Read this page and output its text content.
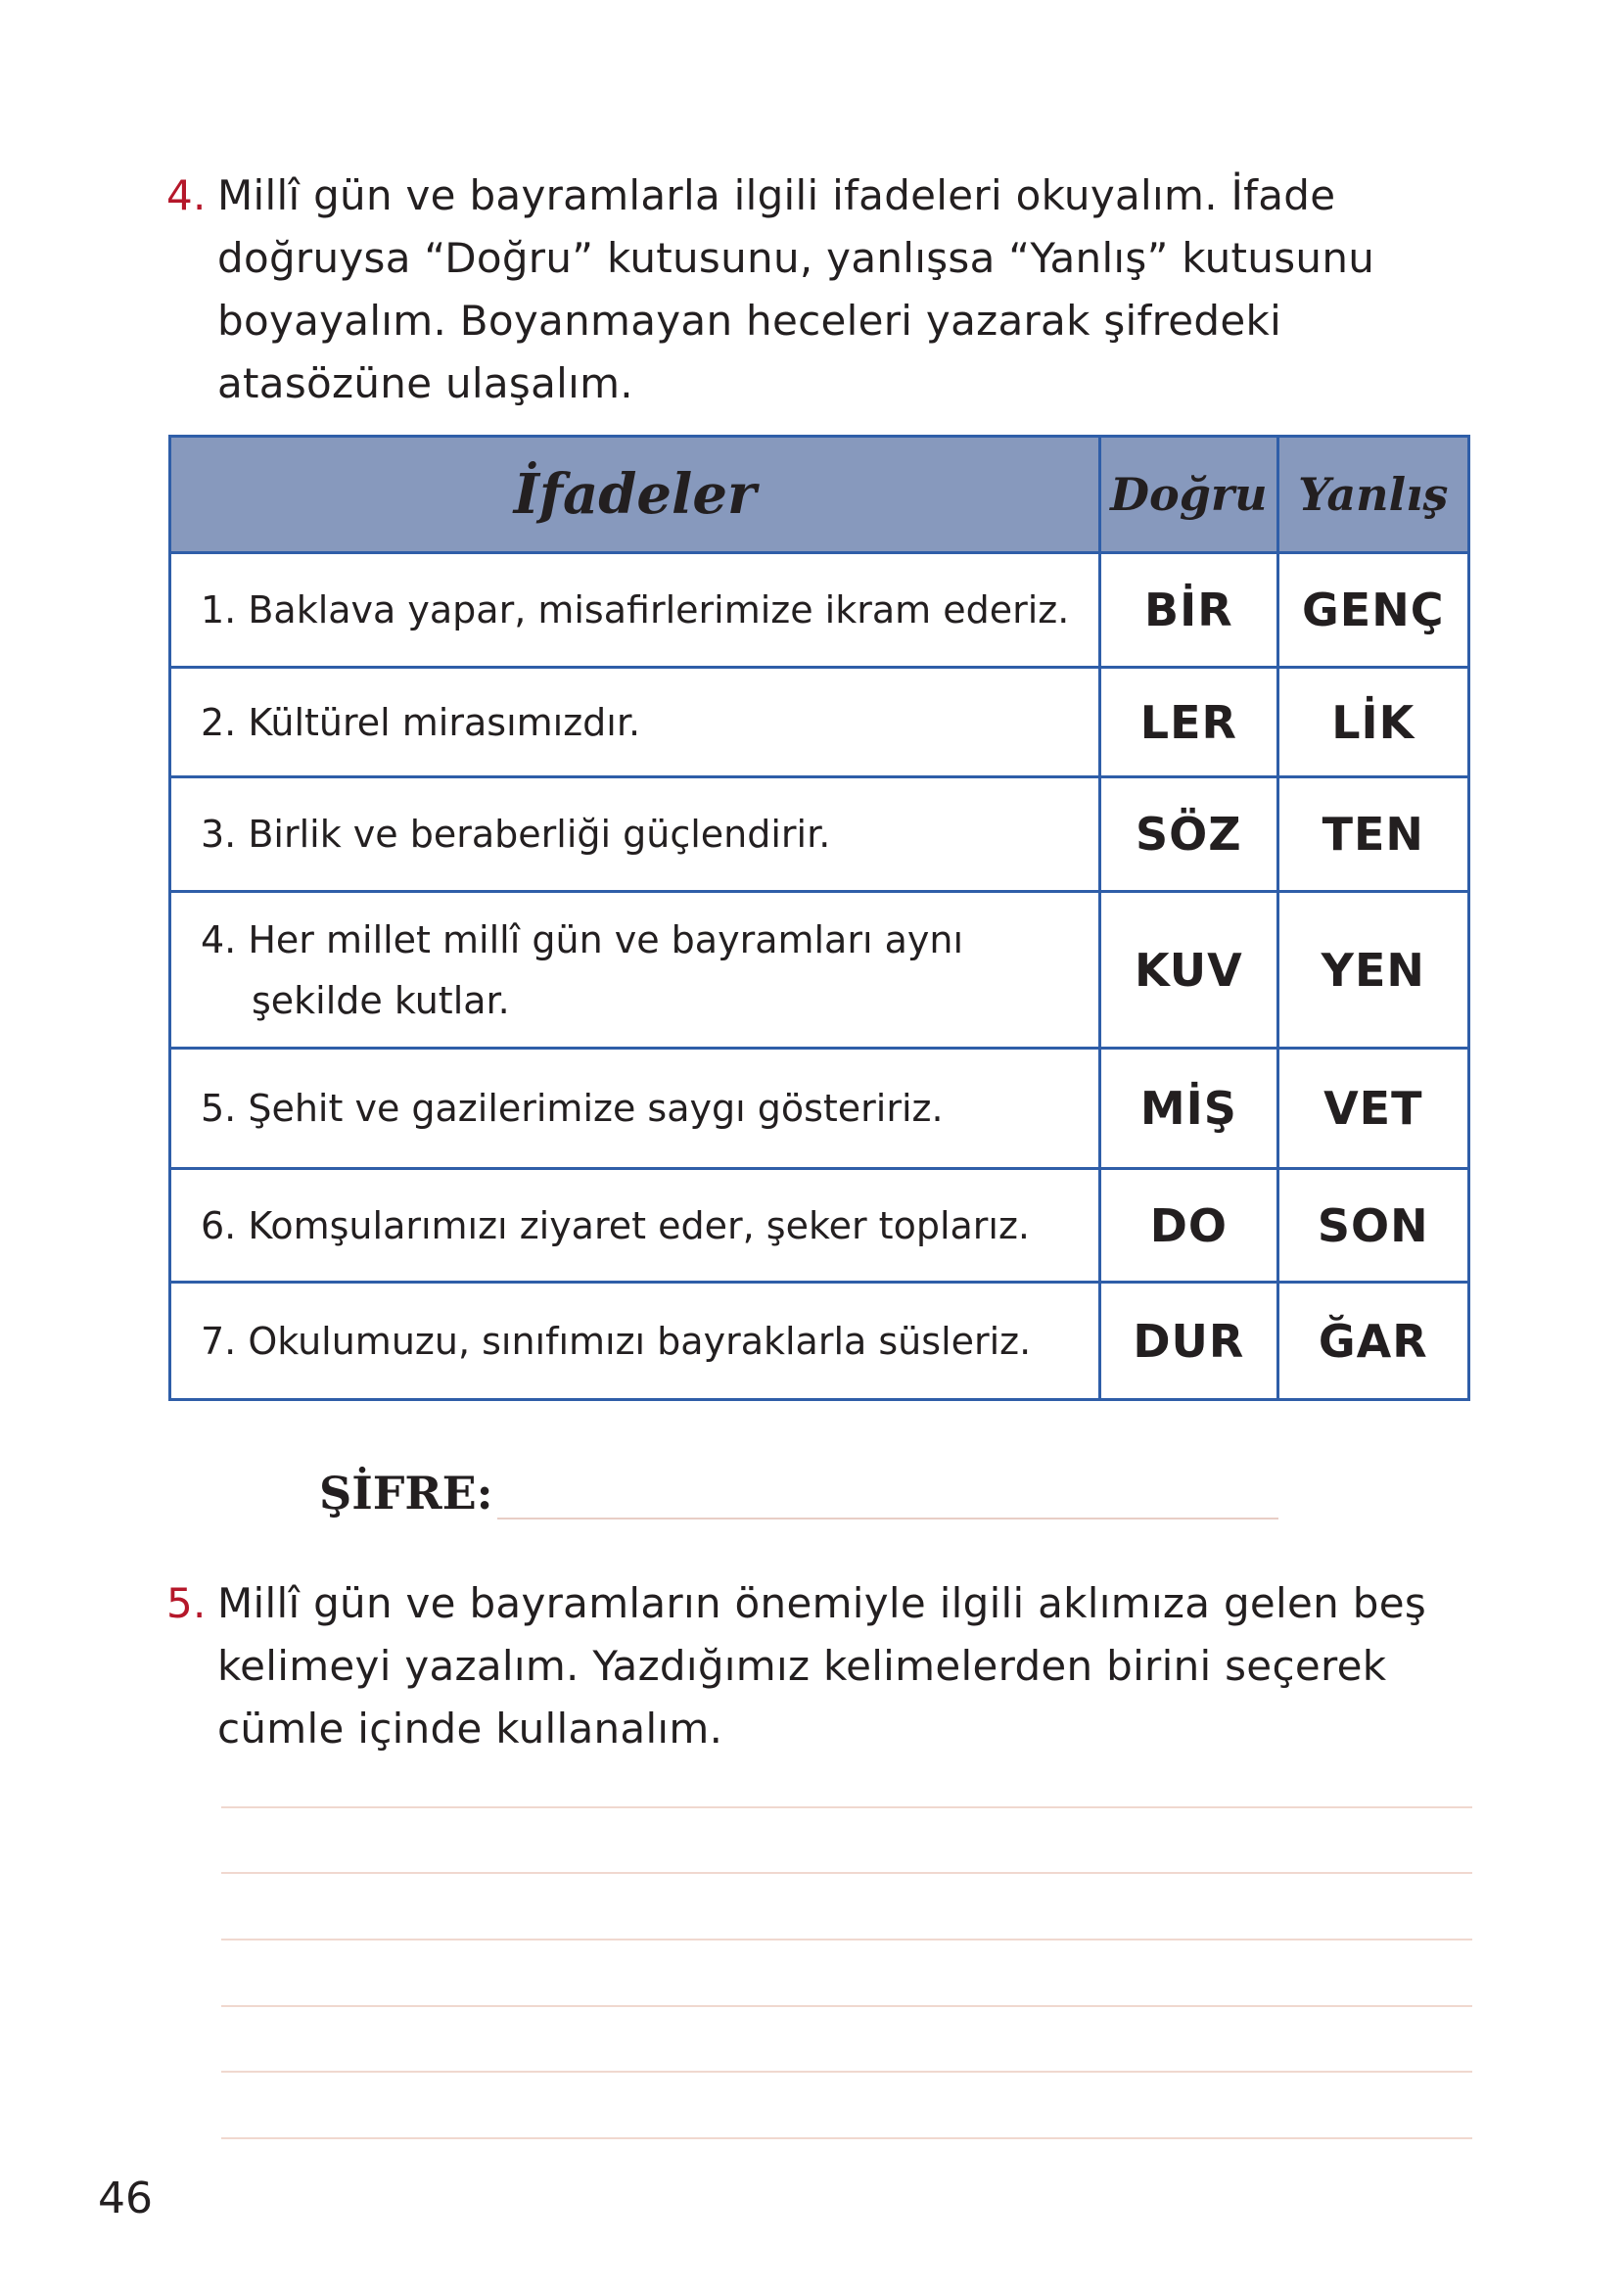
4. Millî gün ve bayramlarla ilgili ifadeleri okuyalım. İfade doğruysa “Doğru” kutusunu, yanlışsa “Yanlış” kutusunu boyayalım. Boyanmayan heceleri yazarak şifredeki atasözüne ulaşalım.
İfadeler	Doğru	Yanlış

1. Baklava yapar, misafirlerimize ikram ederiz.	BİR	GENÇ

2. Kültürel mirasımızdır.	LER	LİK

3. Birlik ve beraberliği güçlendirir.	SÖZ	TEN

4. Her millet millî gün ve bayramları aynı şekilde kutlar.	KUV	YEN

5. Şehit ve gazilerimize saygı gösteririz.	MİŞ	VET

6. Komşularımızı ziyaret eder, şeker toplarız.	DO	SON

7. Okulumuzu, sınıfımızı bayraklarla süsleriz.	DUR	ĞAR
ŞİFRE:
5. Millî gün ve bayramların önemiyle ilgili aklımıza gelen beş kelimeyi yazalım. Yazdığımız kelimelerden birini seçerek cümle içinde kullanalım.
46
